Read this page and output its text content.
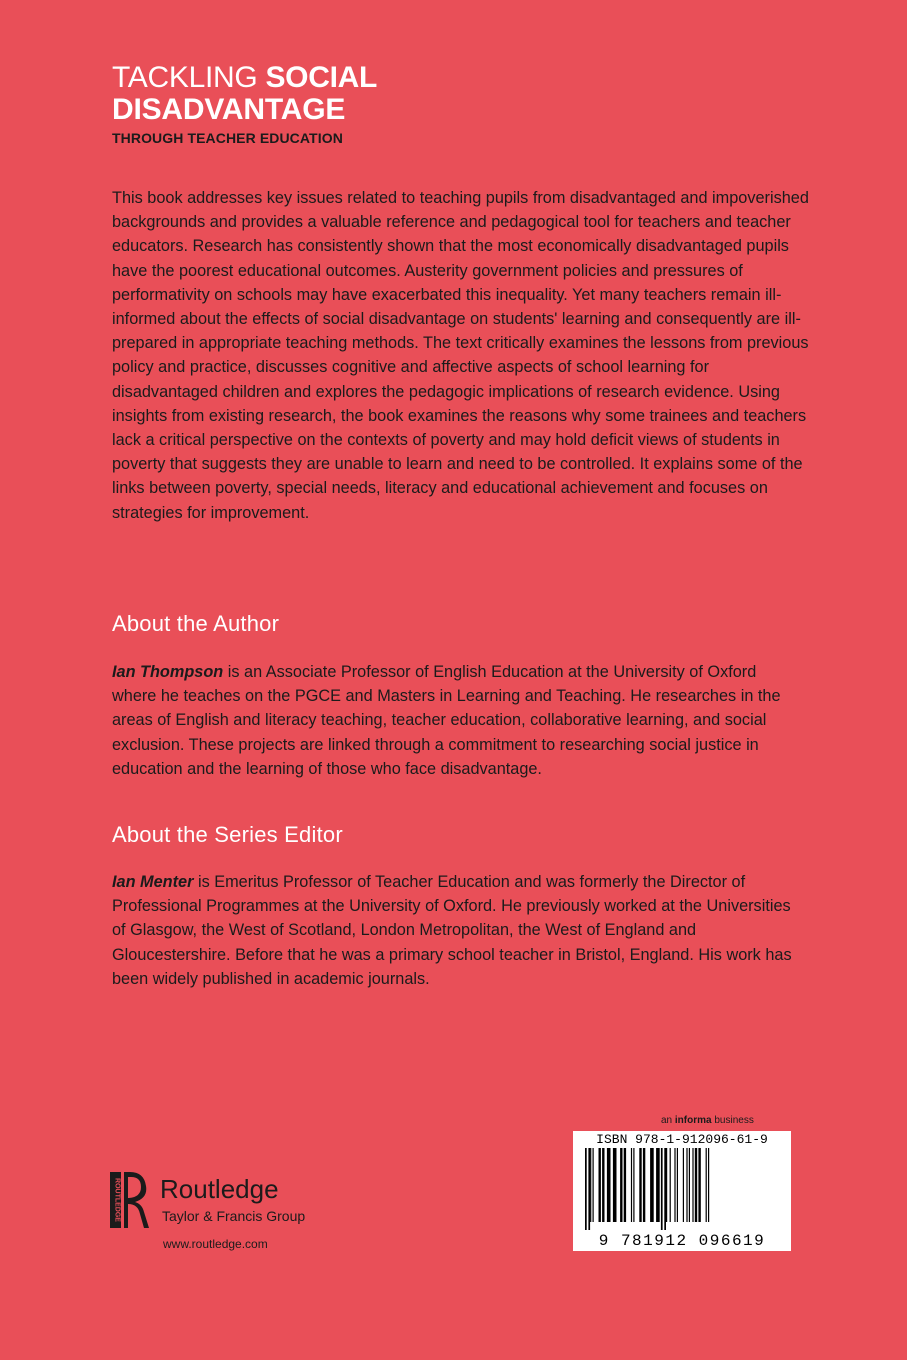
TACKLING SOCIAL
DISADVANTAGE
THROUGH TEACHER EDUCATION

This book addresses key issues related to teaching pupils from disadvantaged and impoverished backgrounds and provides a valuable reference and pedagogical tool for teachers and teacher educators. Research has consistently shown that the most economically disadvantaged pupils have the poorest educational outcomes. Austerity government policies and pressures of performativity on schools may have exacerbated this inequality. Yet many teachers remain ill-informed about the effects of social disadvantage on students' learning and consequently are ill-prepared in appropriate teaching methods. The text critically examines the lessons from previous policy and practice, discusses cognitive and affective aspects of school learning for disadvantaged children and explores the pedagogic implications of research evidence. Using insights from existing research, the book examines the reasons why some trainees and teachers lack a critical perspective on the contexts of poverty and may hold deficit views of students in poverty that suggests they are unable to learn and need to be controlled. It explains some of the links between poverty, special needs, literacy and educational achievement and focuses on strategies for improvement.

About the Author

Ian Thompson is an Associate Professor of English Education at the University of Oxford where he teaches on the PGCE and Masters in Learning and Teaching. He researches in the areas of English and literacy teaching, teacher education, collaborative learning, and social exclusion. These projects are linked through a commitment to researching social justice in education and the learning of those who face disadvantage.

About the Series Editor

Ian Menter is Emeritus Professor of Teacher Education and was formerly the Director of Professional Programmes at the University of Oxford. He previously worked at the Universities of Glasgow, the West of Scotland, London Metropolitan, the West of England and Gloucestershire. Before that he was a primary school teacher in Bristol, England. His work has been widely published in academic journals.

an informa business
ISBN 978-1-912096-61-9
9 781912 096619
ROUTLEDGE Routledge
Taylor & Francis Group
www.routledge.com
